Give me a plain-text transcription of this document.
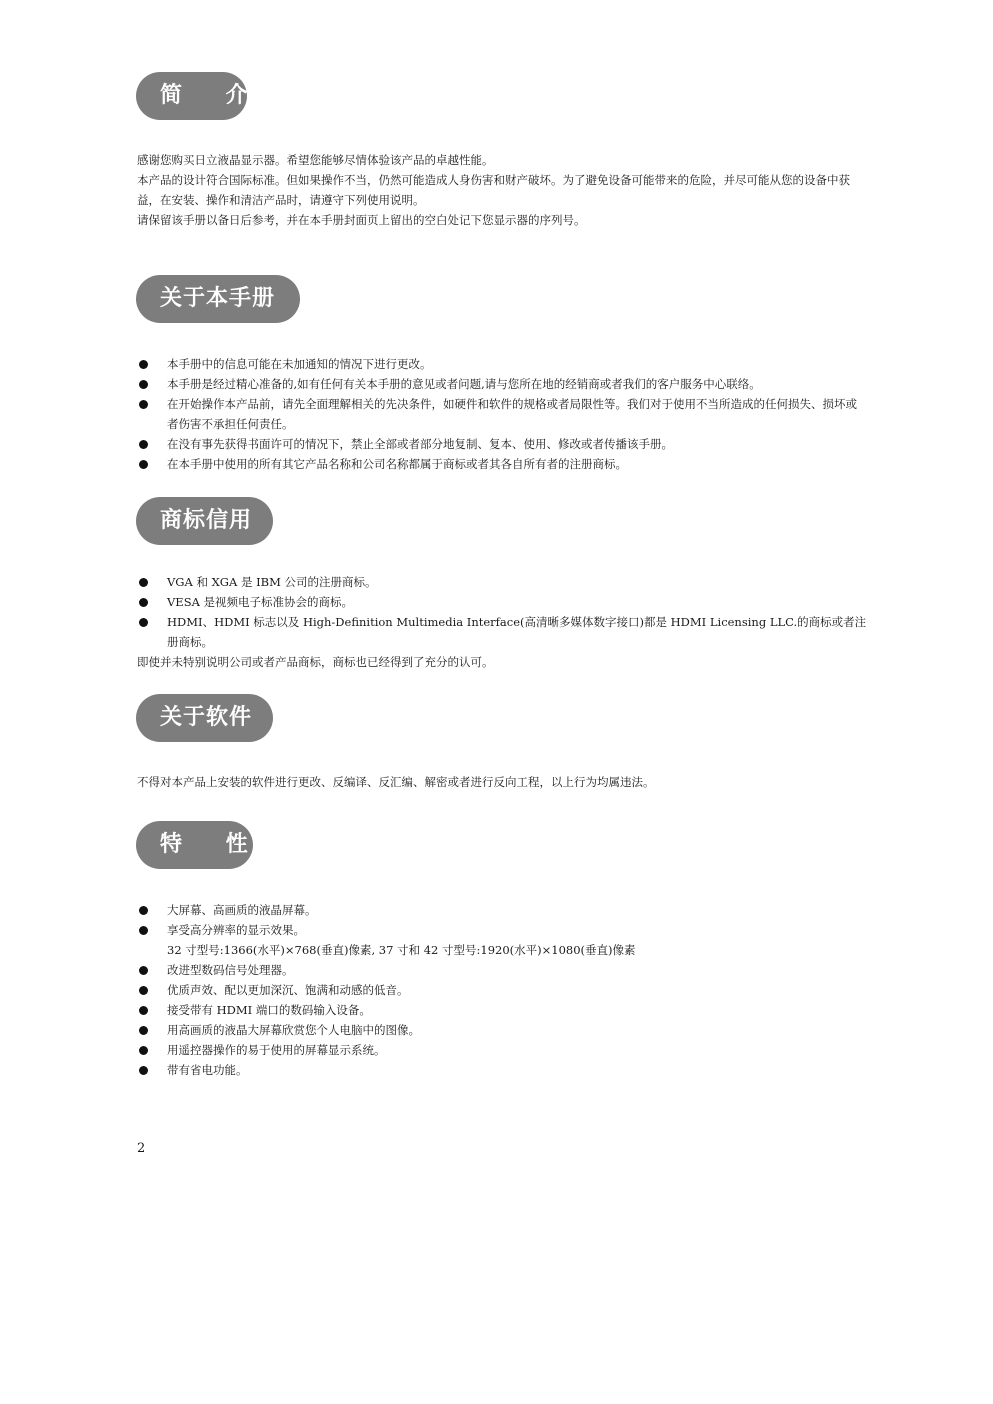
简 介

感谢您购买日立液晶显示器。希望您能够尽情体验该产品的卓越性能。

本产品的设计符合国际标准。但如果操作不当，仍然可能造成人身伤害和财产破坏。为了避免设备可能带来的危险，并尽可能从您的设备中获益，在安装、操作和清洁产品时，请遵守下列使用说明。

请保留该手册以备日后参考，并在本手册封面页上留出的空白处记下您显示器的序列号。

关于本手册
本手册中的信息可能在未加通知的情况下进行更改。
本手册是经过精心准备的,如有任何有关本手册的意见或者问题,请与您所在地的经销商或者我们的客户服务中心联络。
在开始操作本产品前，请先全面理解相关的先决条件，如硬件和软件的规格或者局限性等。我们对于使用不当所造成的任何损失、损坏或者伤害不承担任何责任。
在没有事先获得书面许可的情况下，禁止全部或者部分地复制、复本、使用、修改或者传播该手册。
在本手册中使用的所有其它产品名称和公司名称都属于商标或者其各自所有者的注册商标。
商标信用
VGA 和 XGA 是 IBM 公司的注册商标。
VESA 是视频电子标准协会的商标。
HDMI、HDMI 标志以及 High-Definition Multimedia Interface(高清晰多媒体数字接口)都是 HDMI Licensing LLC.的商标或者注册商标。
即使并未特别说明公司或者产品商标，商标也已经得到了充分的认可。
关于软件
不得对本产品上安装的软件进行更改、反编译、反汇编、解密或者进行反向工程，以上行为均属违法。
特 性
大屏幕、高画质的液晶屏幕。
享受高分辨率的显示效果。
32 寸型号:1366(水平)×768(垂直)像素, 37 寸和 42 寸型号:1920(水平)×1080(垂直)像素
改进型数码信号处理器。
优质声效、配以更加深沉、饱满和动感的低音。
接受带有 HDMI 端口的数码输入设备。
用高画质的液晶大屏幕欣赏您个人电脑中的图像。
用遥控器操作的易于使用的屏幕显示系统。
带有省电功能。
2
